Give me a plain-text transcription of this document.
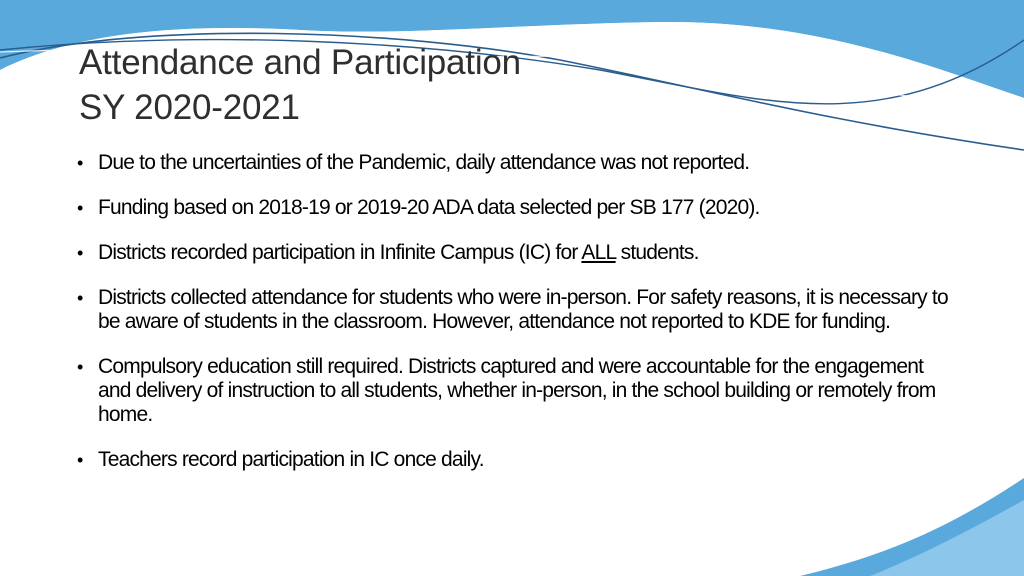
Attendance and Participation
SY 2020-2021
• Due to the uncertainties of the Pandemic, daily attendance was not reported.
• Funding based on 2018-19 or 2019-20 ADA data selected per SB 177 (2020).
• Districts recorded participation in Infinite Campus (IC) for ALL students.
• Districts collected attendance for students who were in-person. For safety reasons, it is necessary to be aware of students in the classroom. However, attendance not reported to KDE for funding.
• Compulsory education still required. Districts captured and were accountable for the engagement and delivery of instruction to all students, whether in-person, in the school building or remotely from home.
• Teachers record participation in IC once daily.
